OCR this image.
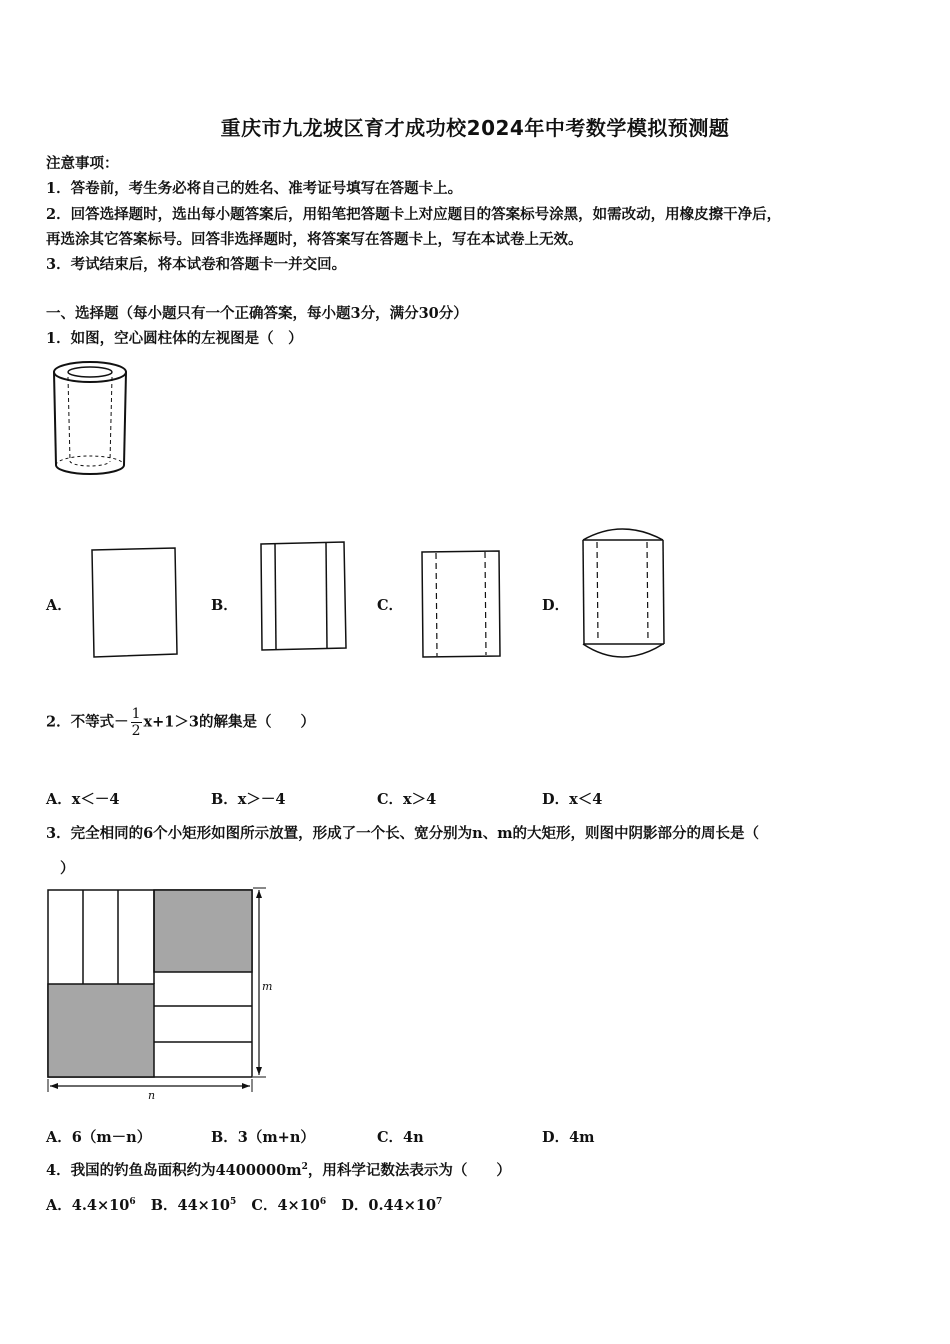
重庆市九龙坡区育才成功校2024年中考数学模拟预测题
注意事项：
1．答卷前，考生务必将自己的姓名、准考证号填写在答题卡上。
2．回答选择题时，选出每小题答案后，用铅笔把答题卡上对应题目的答案标号涂黑，如需改动，用橡皮擦干净后，
再选涂其它答案标号。回答非选择题时，将答案写在答题卡上，写在本试卷上无效。
3．考试结束后，将本试卷和答题卡一并交回。
一、选择题（每小题只有一个正确答案，每小题3分，满分30分）
1．如图，空心圆柱体的左视图是（　）
A．	B．	C．	D．
2．不等式－ $\frac{1}{2} x+1>3$的解集是（　　）
A．x＜－4	B．x＞－4	C．x＞4	D．x＜4
3．完全相同的6个小矩形如图所示放置，形成了一个长、宽分别为n、m的大矩形，则图中阴影部分的周长是（
）
m
n
A．6（m－n）	B．3（m+n）	C．4n	D．4m
4．我国的钓鱼岛面积约为$4400000m^2$，用科学记数法表示为（　　）
A．$4.4\times 10^6$ B．$44\times 10^5$ C．$4\times 10^6$ D．$0.44\times 10^7$
